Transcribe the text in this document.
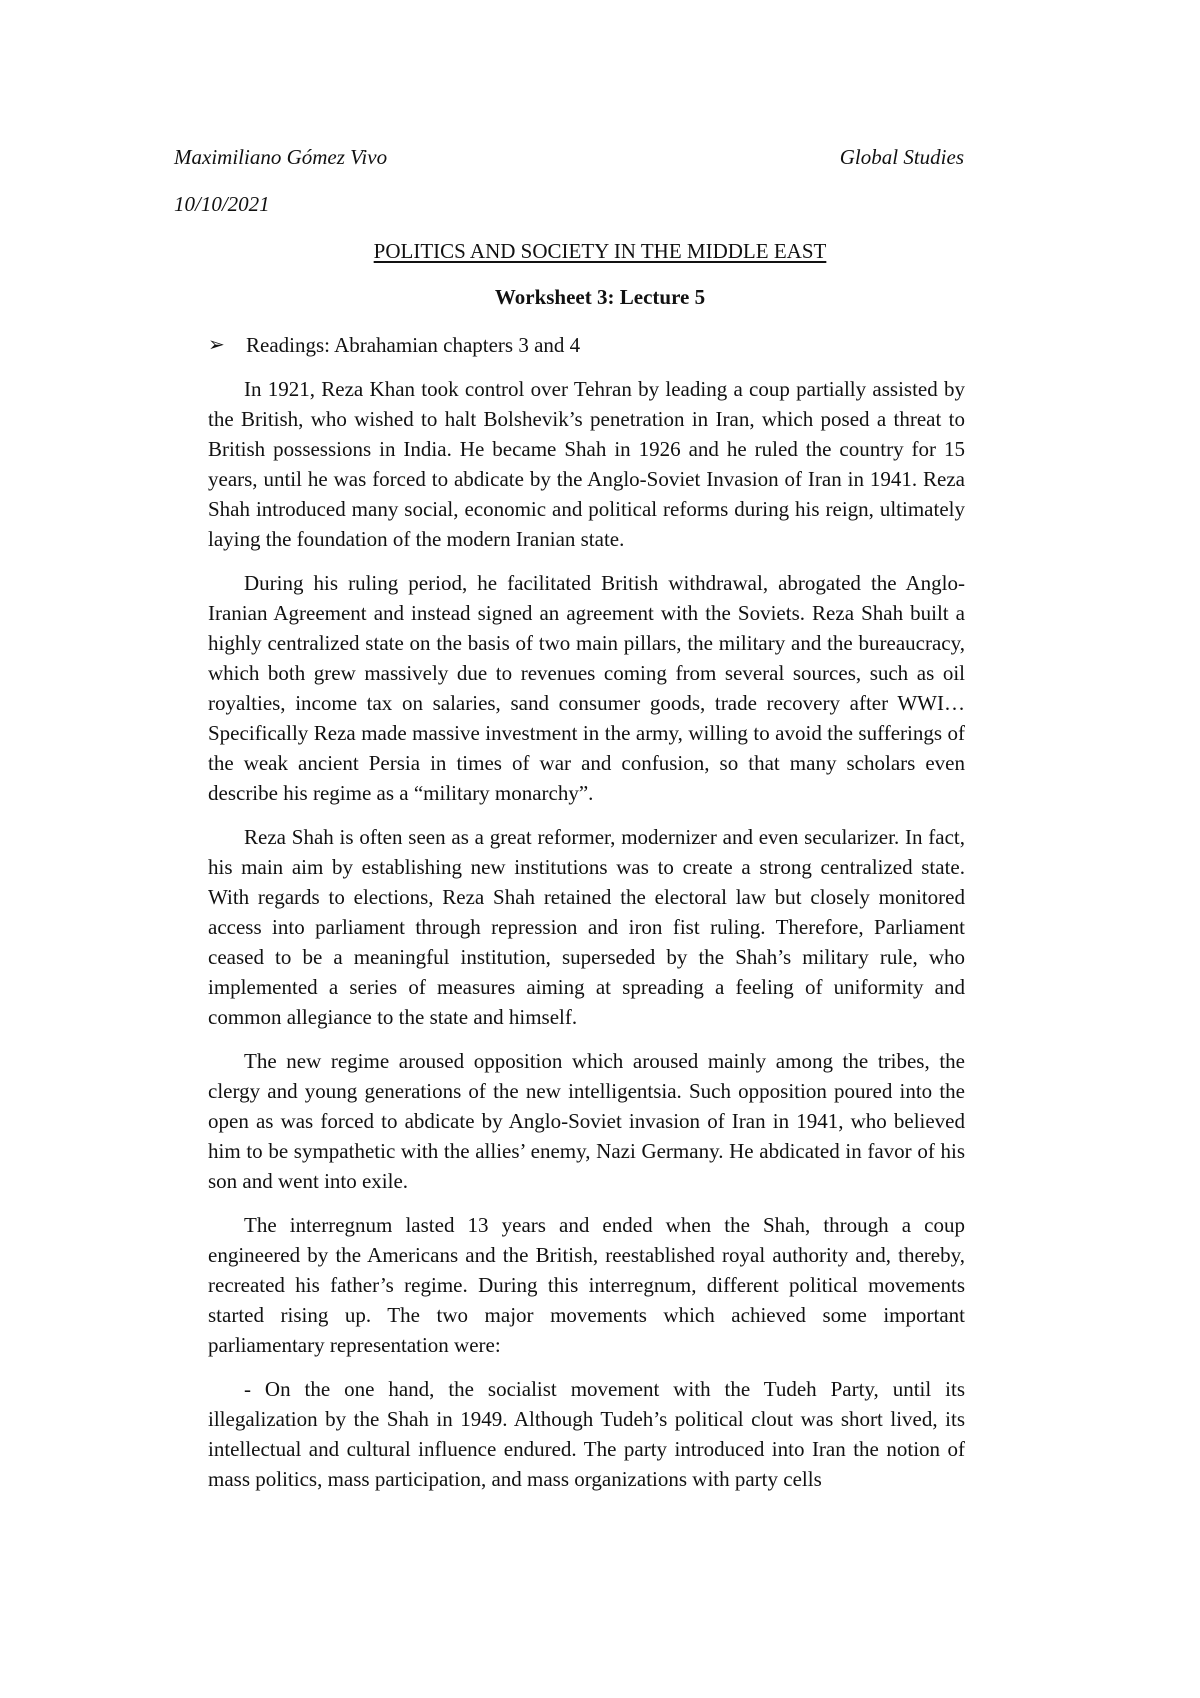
Maximiliano Gómez Vivo	Global Studies
10/10/2021
POLITICS AND SOCIETY IN THE MIDDLE EAST
Worksheet 3: Lecture 5
➢	Readings: Abrahamian chapters 3 and 4

In 1921, Reza Khan took control over Tehran by leading a coup partially assisted by the British, who wished to halt Bolshevik’s penetration in Iran, which posed a threat to British possessions in India. He became Shah in 1926 and he ruled the country for 15 years, until he was forced to abdicate by the Anglo-Soviet Invasion of Iran in 1941. Reza Shah introduced many social, economic and political reforms during his reign, ultimately laying the foundation of the modern Iranian state.

During his ruling period, he facilitated British withdrawal, abrogated the Anglo-Iranian Agreement and instead signed an agreement with the Soviets. Reza Shah built a highly centralized state on the basis of two main pillars, the military and the bureaucracy, which both grew massively due to revenues coming from several sources, such as oil royalties, income tax on salaries, sand consumer goods, trade recovery after WWI… Specifically Reza made massive investment in the army, willing to avoid the sufferings of the weak ancient Persia in times of war and confusion, so that many scholars even describe his regime as a “military monarchy”.

Reza Shah is often seen as a great reformer, modernizer and even secularizer. In fact, his main aim by establishing new institutions was to create a strong centralized state. With regards to elections, Reza Shah retained the electoral law but closely monitored access into parliament through repression and iron fist ruling. Therefore, Parliament ceased to be a meaningful institution, superseded by the Shah’s military rule, who implemented a series of measures aiming at spreading a feeling of uniformity and common allegiance to the state and himself.

The new regime aroused opposition which aroused mainly among the tribes, the clergy and young generations of the new intelligentsia. Such opposition poured into the open as was forced to abdicate by Anglo-Soviet invasion of Iran in 1941, who believed him to be sympathetic with the allies’ enemy, Nazi Germany. He abdicated in favor of his son and went into exile.

The interregnum lasted 13 years and ended when the Shah, through a coup engineered by the Americans and the British, reestablished royal authority and, thereby, recreated his father’s regime. During this interregnum, different political movements started rising up. The two major movements which achieved some important parliamentary representation were:

- On the one hand, the socialist movement with the Tudeh Party, until its illegalization by the Shah in 1949. Although Tudeh’s political clout was short lived, its intellectual and cultural influence endured. The party introduced into Iran the notion of mass politics, mass participation, and mass organizations with party cells
